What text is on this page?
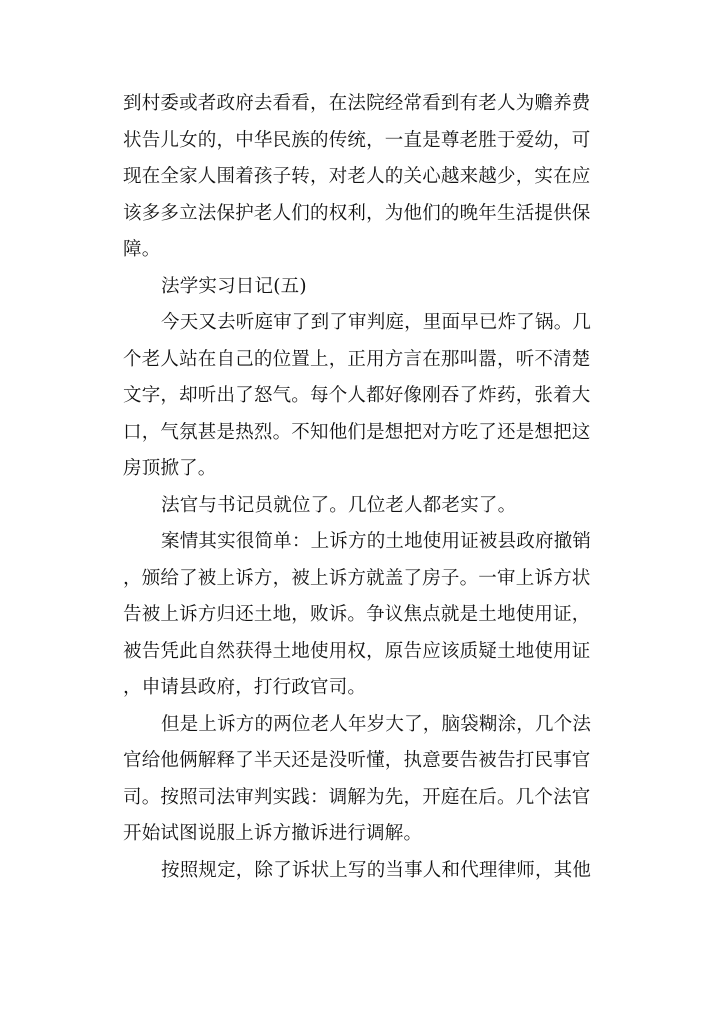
到村委或者政府去看看，在法院经常看到有老人为赡养费
状告儿女的，中华民族的传统，一直是尊老胜于爱幼，可
现在全家人围着孩子转，对老人的关心越来越少，实在应
该多多立法保护老人们的权利，为他们的晚年生活提供保
障。
法学实习日记(五)
今天又去听庭审了到了审判庭，里面早已炸了锅。几
个老人站在自己的位置上，正用方言在那叫嚣，听不清楚
文字，却听出了怒气。每个人都好像刚吞了炸药，张着大
口，气氛甚是热烈。不知他们是想把对方吃了还是想把这
房顶掀了。
法官与书记员就位了。几位老人都老实了。
案情其实很简单：上诉方的土地使用证被县政府撤销
，颁给了被上诉方，被上诉方就盖了房子。一审上诉方状
告被上诉方归还土地，败诉。争议焦点就是土地使用证，
被告凭此自然获得土地使用权，原告应该质疑土地使用证
，申请县政府，打行政官司。
但是上诉方的两位老人年岁大了，脑袋糊涂，几个法
官给他俩解释了半天还是没听懂，执意要告被告打民事官
司。按照司法审判实践：调解为先，开庭在后。几个法官
开始试图说服上诉方撤诉进行调解。
按照规定，除了诉状上写的当事人和代理律师，其他
